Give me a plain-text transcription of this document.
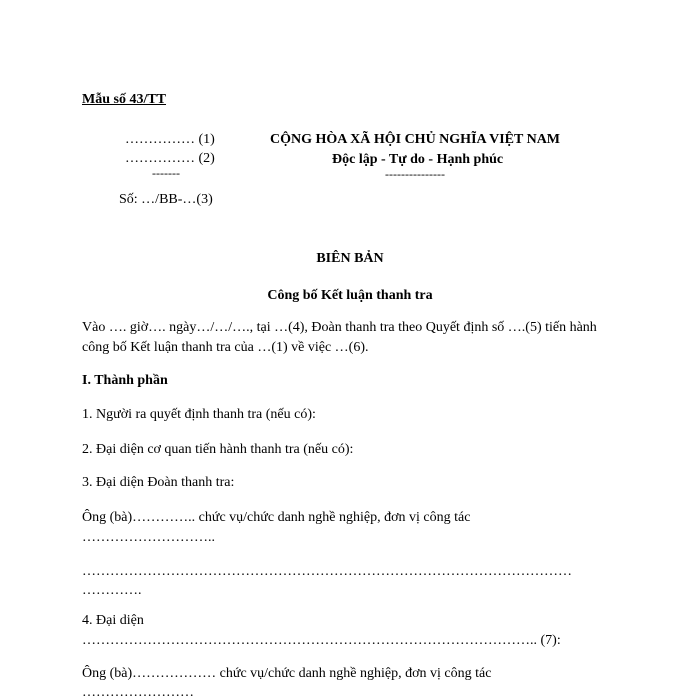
Mẫu số 43/TT
…………… (1)
…………… (2)
-------
Số: …/BB-…(3)
CỘNG HÒA XÃ HỘI CHỦ NGHĨA VIỆT NAM
Độc lập - Tự do - Hạnh phúc
---------------
BIÊN BẢN
Công bố Kết luận thanh tra
Vào …. giờ…. ngày…/…/…., tại …(4), Đoàn thanh tra theo Quyết định số ….(5) tiến hành
công bố Kết luận thanh tra của …(1) về việc …(6).
I. Thành phần
1. Người ra quyết định thanh tra (nếu có):
2. Đại diện cơ quan tiến hành thanh tra (nếu có):
3. Đại diện Đoàn thanh tra:
Ông (bà)………….. chức vụ/chức danh nghề nghiệp, đơn vị công tác
………………………..
……………………………………………………………………………………………
………….
4. Đại diện
…………………………………………………………………………………….. (7):
Ông (bà)……………… chức vụ/chức danh nghề nghiệp, đơn vị công tác
……………………
